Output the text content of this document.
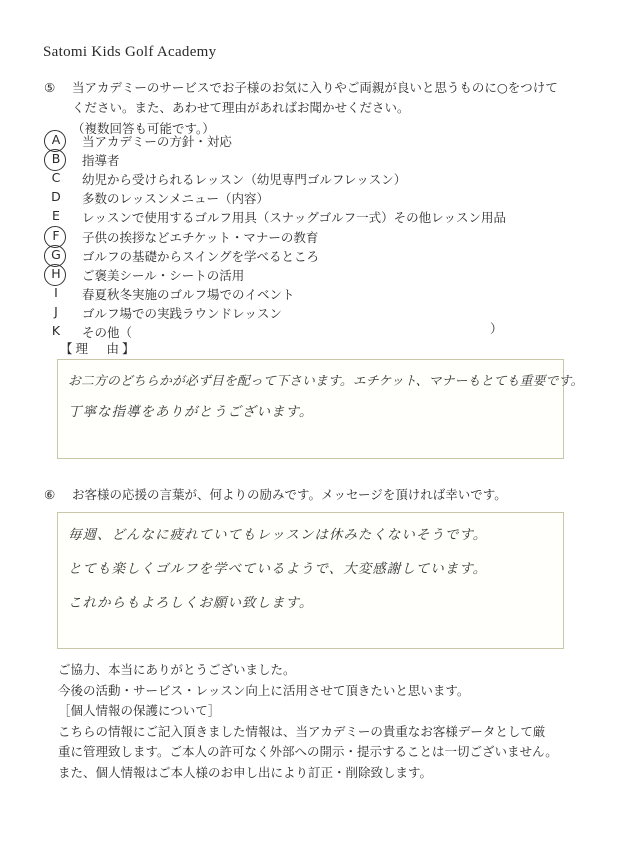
Satomi Kids Golf Academy
⑤ 当アカデミーのサービスでお子様のお気に入りやご両親が良いと思うものに○をつけて
ください。また、あわせて理由があればお聞かせください。
（複数回答も可能です。）
A 当アカデミーの方針・対応
B 指導者
C 幼児から受けられるレッスン（幼児専門ゴルフレッスン）
D 多数のレッスンメニュー（内容）
E	レッスンで使用するゴルフ用具（スナッグゴルフ一式）その他レッスン用品
F	子供の挨拶などエチケット・マナーの教育
G ゴルフの基礎からスイングを学べるところ
H ご褒美シール・シートの活用
I	春夏秋冬実施のゴルフ場でのイベント
J	ゴルフ場での実践ラウンドレッスン
K	その他（	）
【理　由】
お二方のどちらかが必ず目を配って下さいます。エチケット、マナーもとても重要です。
丁寧な指導をありがとうございます。
⑥ お客様の応援の言葉が、何よりの励みです。メッセージを頂ければ幸いです。
毎週、どんなに疲れていてもレッスンは休みたくないそうです。
とても楽しくゴルフを学べているようで、大変感謝しています。
これからもよろしくお願い致します。
ご協力、本当にありがとうございました。
今後の活動・サービス・レッスン向上に活用させて頂きたいと思います。
［個人情報の保護について］
こちらの情報にご記入頂きました情報は、当アカデミーの貴重なお客様データとして厳
重に管理致します。ご本人の許可なく外部への開示・提示することは一切ございません。
また、個人情報はご本人様のお申し出により訂正・削除致します。
